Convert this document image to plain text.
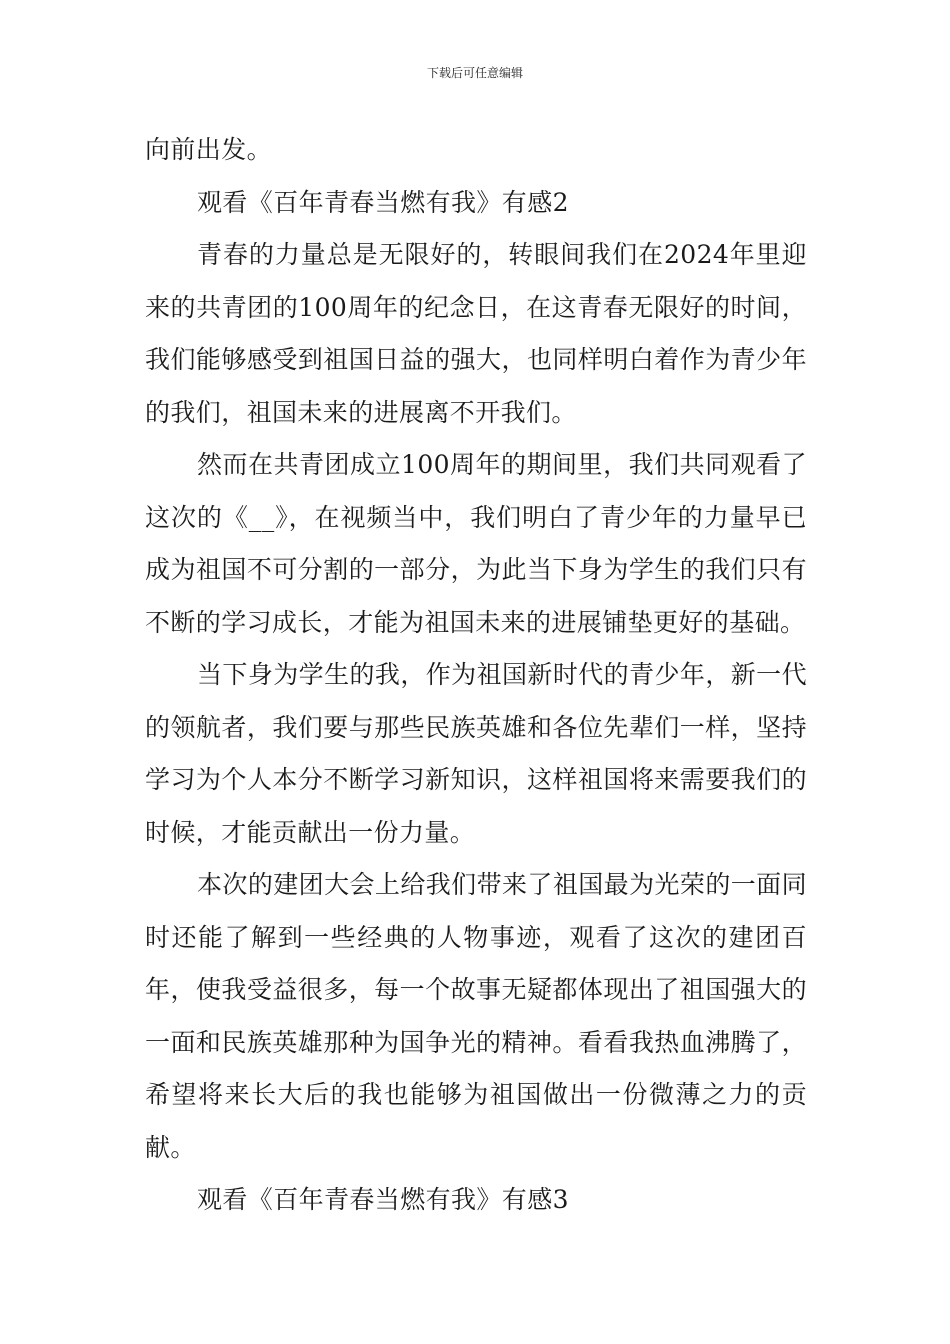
下载后可任意编辑

向前出发。

观看《百年青春当燃有我》有感2

青春的力量总是无限好的，转眼间我们在2024年里迎来的共青团的100周年的纪念日，在这青春无限好的时间，我们能够感受到祖国日益的强大，也同样明白着作为青少年的我们，祖国未来的进展离不开我们。

然而在共青团成立100周年的期间里，我们共同观看了这次的《__》，在视频当中，我们明白了青少年的力量早已成为祖国不可分割的一部分，为此当下身为学生的我们只有不断的学习成长，才能为祖国未来的进展铺垫更好的基础。

当下身为学生的我，作为祖国新时代的青少年，新一代的领航者，我们要与那些民族英雄和各位先辈们一样，坚持学习为个人本分不断学习新知识，这样祖国将来需要我们的时候，才能贡献出一份力量。

本次的建团大会上给我们带来了祖国最为光荣的一面同时还能了解到一些经典的人物事迹，观看了这次的建团百年，使我受益很多，每一个故事无疑都体现出了祖国强大的一面和民族英雄那种为国争光的精神。看看我热血沸腾了，希望将来长大后的我也能够为祖国做出一份微薄之力的贡献。

观看《百年青春当燃有我》有感3
